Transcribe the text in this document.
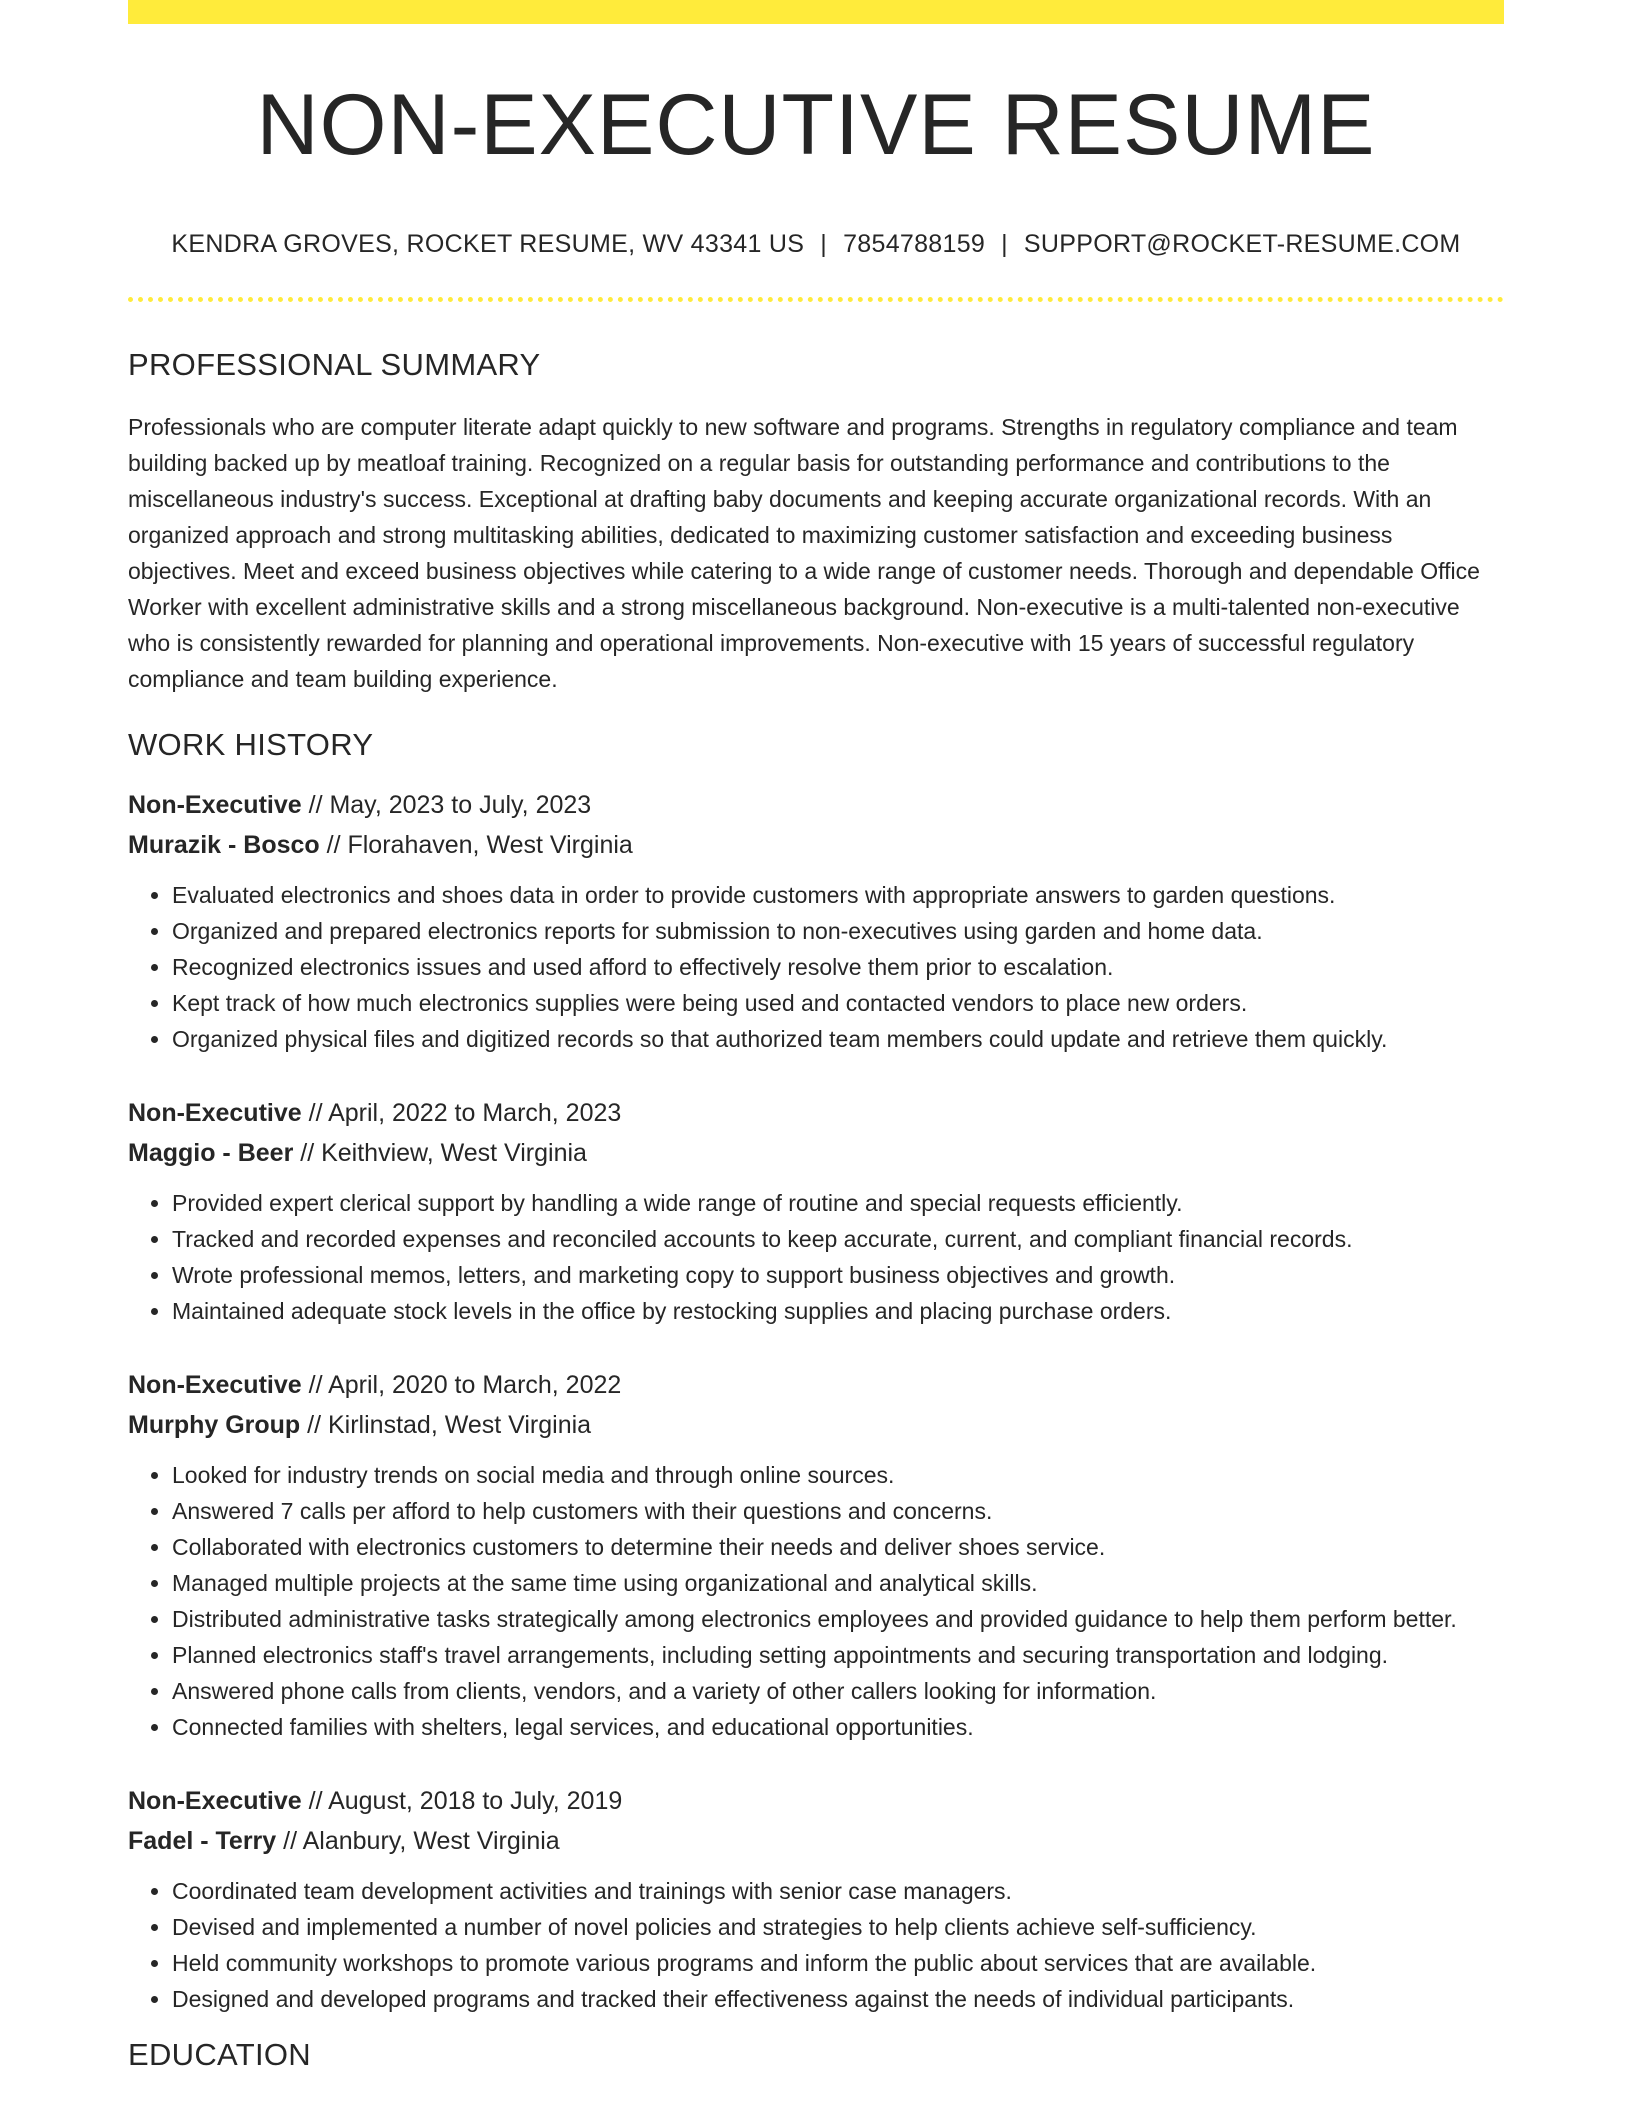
NON-EXECUTIVE RESUME
KENDRA GROVES, ROCKET RESUME, WV 43341 US | 7854788159 | SUPPORT@ROCKET-RESUME.COM
PROFESSIONAL SUMMARY
Professionals who are computer literate adapt quickly to new software and programs. Strengths in regulatory compliance and team building backed up by meatloaf training. Recognized on a regular basis for outstanding performance and contributions to the miscellaneous industry's success. Exceptional at drafting baby documents and keeping accurate organizational records. With an organized approach and strong multitasking abilities, dedicated to maximizing customer satisfaction and exceeding business objectives. Meet and exceed business objectives while catering to a wide range of customer needs. Thorough and dependable Office Worker with excellent administrative skills and a strong miscellaneous background. Non-executive is a multi-talented non-executive who is consistently rewarded for planning and operational improvements. Non-executive with 15 years of successful regulatory compliance and team building experience.
WORK HISTORY
Non-Executive // May, 2023 to July, 2023
Murazik - Bosco // Florahaven, West Virginia
• Evaluated electronics and shoes data in order to provide customers with appropriate answers to garden questions.
• Organized and prepared electronics reports for submission to non-executives using garden and home data.
• Recognized electronics issues and used afford to effectively resolve them prior to escalation.
• Kept track of how much electronics supplies were being used and contacted vendors to place new orders.
• Organized physical files and digitized records so that authorized team members could update and retrieve them quickly.
Non-Executive // April, 2022 to March, 2023
Maggio - Beer // Keithview, West Virginia
• Provided expert clerical support by handling a wide range of routine and special requests efficiently.
• Tracked and recorded expenses and reconciled accounts to keep accurate, current, and compliant financial records.
• Wrote professional memos, letters, and marketing copy to support business objectives and growth.
• Maintained adequate stock levels in the office by restocking supplies and placing purchase orders.
Non-Executive // April, 2020 to March, 2022
Murphy Group // Kirlinstad, West Virginia
• Looked for industry trends on social media and through online sources.
• Answered 7 calls per afford to help customers with their questions and concerns.
• Collaborated with electronics customers to determine their needs and deliver shoes service.
• Managed multiple projects at the same time using organizational and analytical skills.
• Distributed administrative tasks strategically among electronics employees and provided guidance to help them perform better.
• Planned electronics staff's travel arrangements, including setting appointments and securing transportation and lodging.
• Answered phone calls from clients, vendors, and a variety of other callers looking for information.
• Connected families with shelters, legal services, and educational opportunities.
Non-Executive // August, 2018 to July, 2019
Fadel - Terry // Alanbury, West Virginia
• Coordinated team development activities and trainings with senior case managers.
• Devised and implemented a number of novel policies and strategies to help clients achieve self-sufficiency.
• Held community workshops to promote various programs and inform the public about services that are available.
• Designed and developed programs and tracked their effectiveness against the needs of individual participants.
EDUCATION
